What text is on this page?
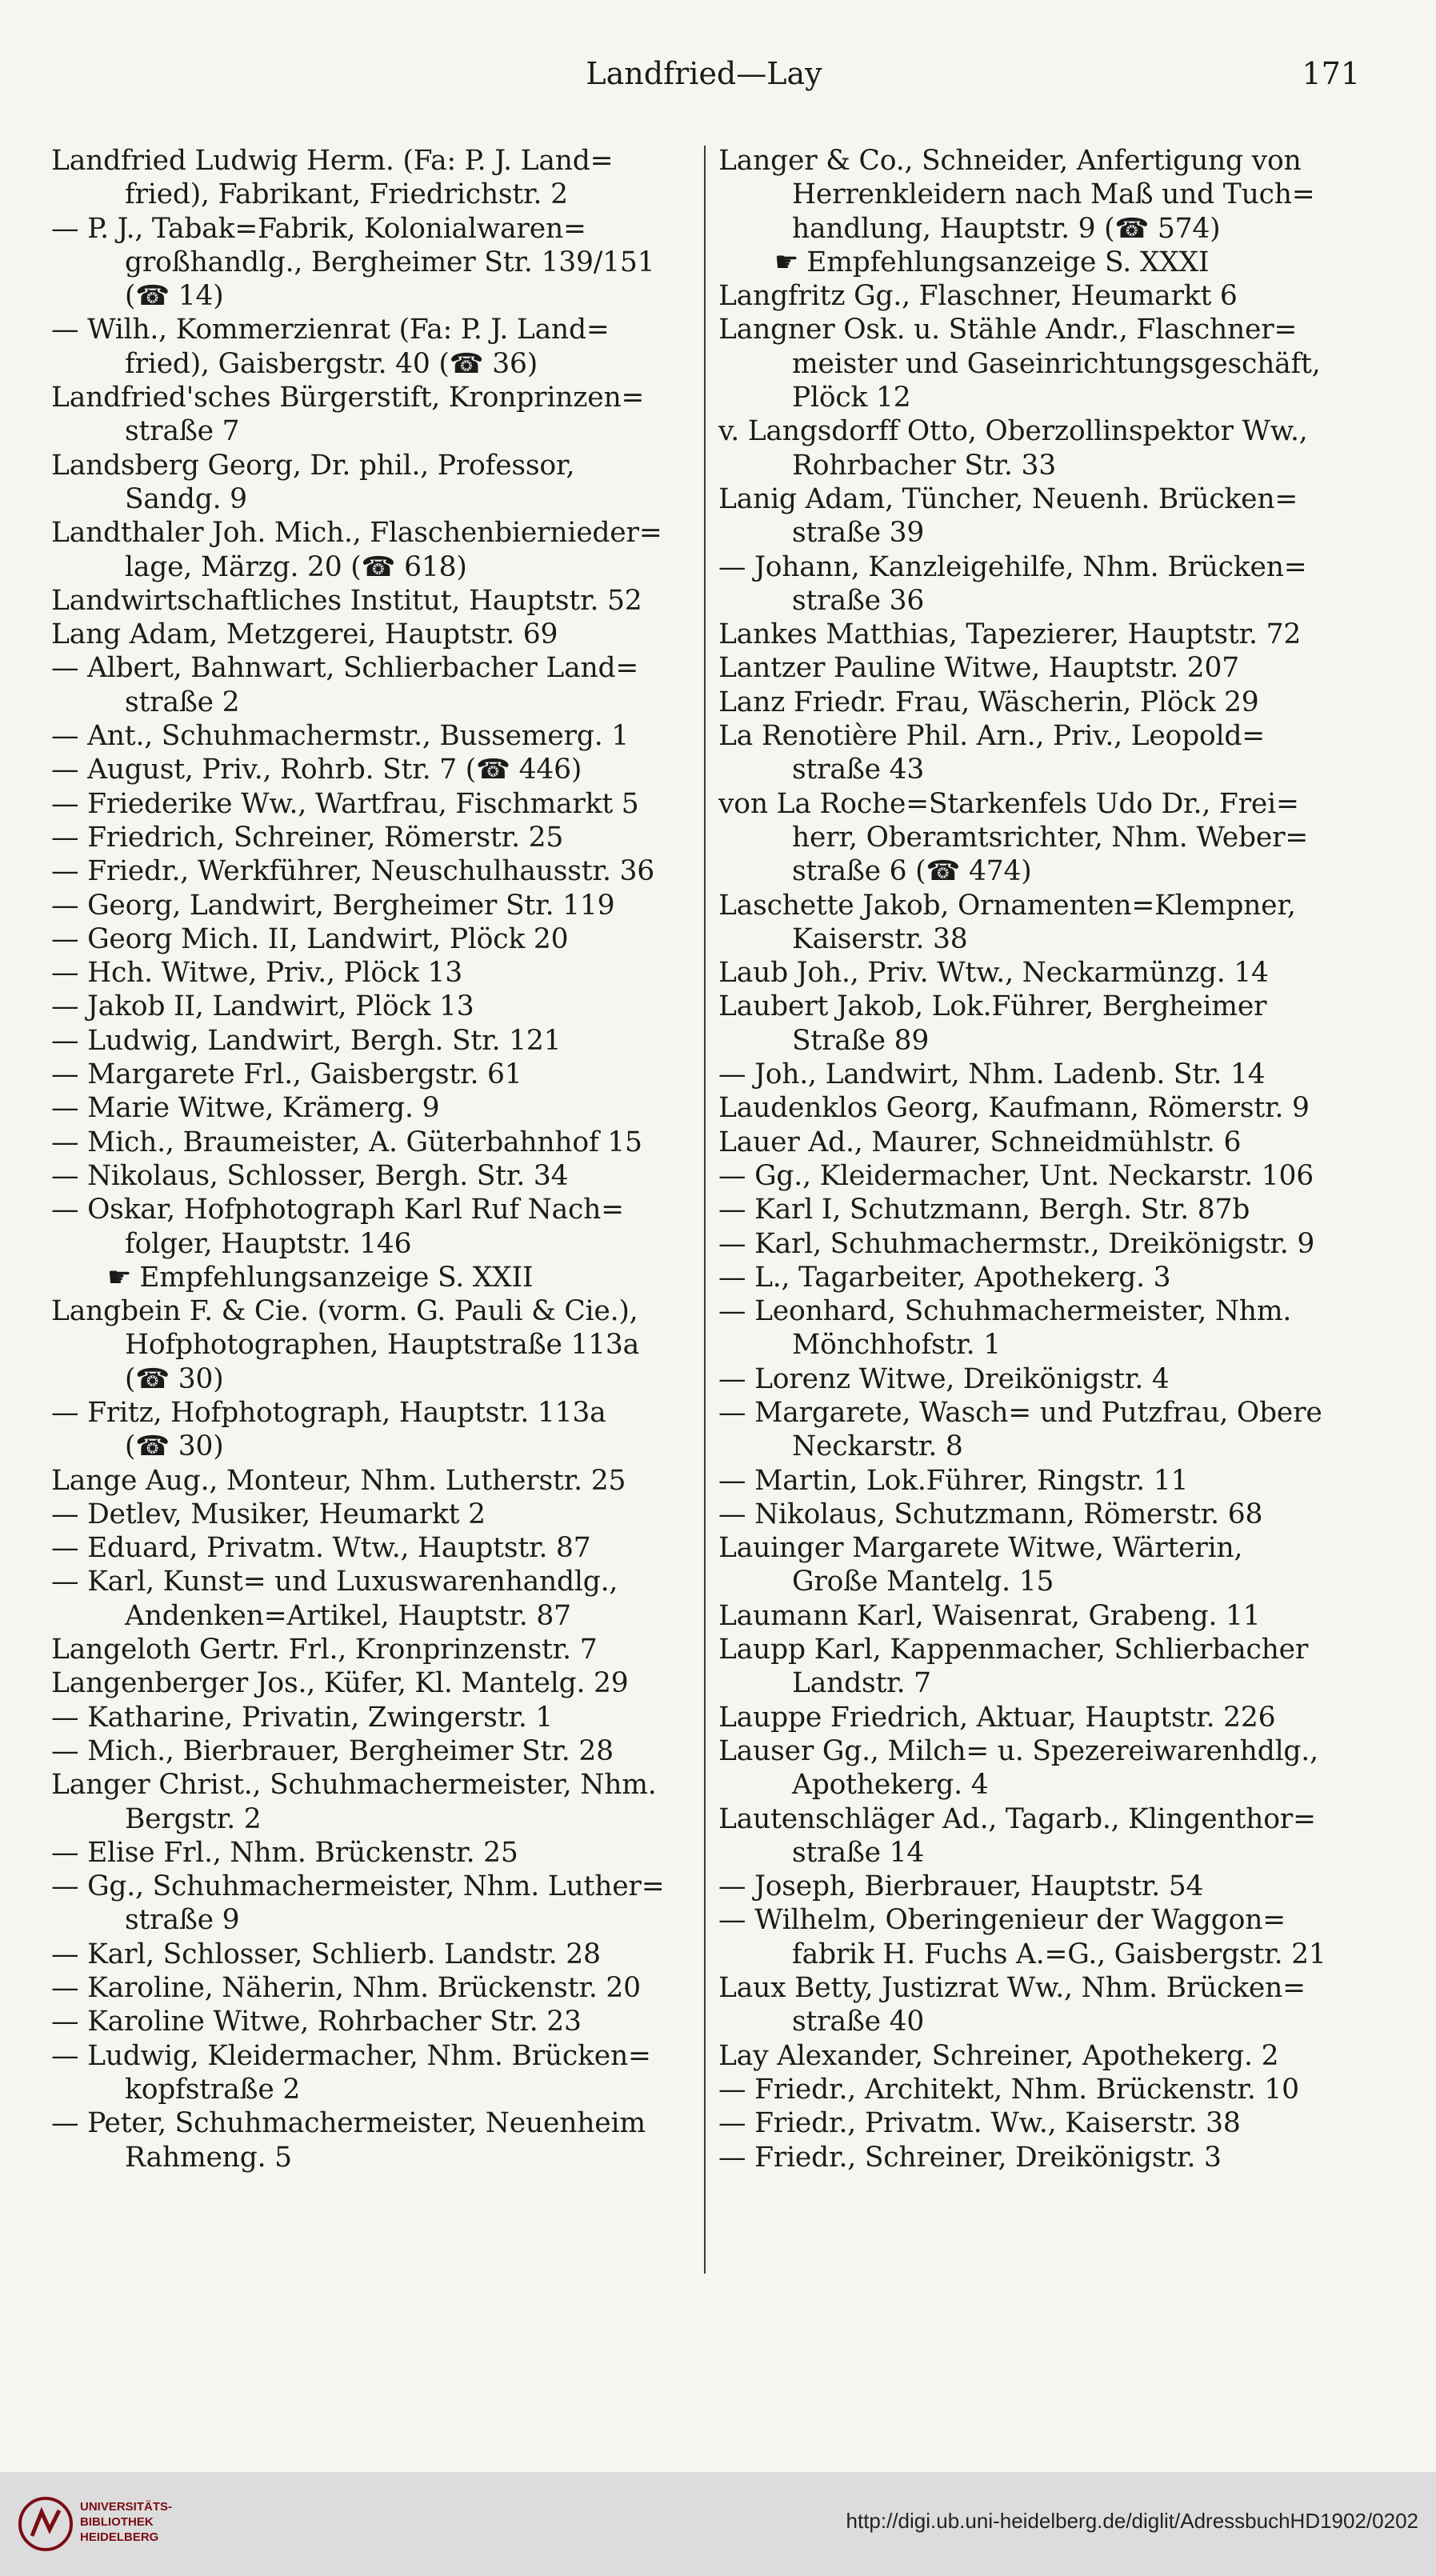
Landfried—Lay	171
Landfried Ludwig Herm. (Fa: P. J. Land=
fried), Fabrikant, Friedrichstr. 2
— P. J., Tabak=Fabrik, Kolonialwaren=
großhandlg., Bergheimer Str. 139/151
(☎ 14)
— Wilh., Kommerzienrat (Fa: P. J. Land=
fried), Gaisbergstr. 40 (☎ 36)
Landfried'sches Bürgerstift, Kronprinzen=
straße 7
Landsberg Georg, Dr. phil., Professor,
Sandg. 9
Landthaler Joh. Mich., Flaschenbiernieder=
lage, Märzg. 20 (☎ 618)
Landwirtschaftliches Institut, Hauptstr. 52
Lang Adam, Metzgerei, Hauptstr. 69
— Albert, Bahnwart, Schlierbacher Land=
straße 2
— Ant., Schuhmachermstr., Bussemerg. 1
— August, Priv., Rohrb. Str. 7 (☎ 446)
— Friederike Ww., Wartfrau, Fischmarkt 5
— Friedrich, Schreiner, Römerstr. 25
— Friedr., Werkführer, Neuschulhausstr. 36
— Georg, Landwirt, Bergheimer Str. 119
— Georg Mich. II, Landwirt, Plöck 20
— Hch. Witwe, Priv., Plöck 13
— Jakob II, Landwirt, Plöck 13
— Ludwig, Landwirt, Bergh. Str. 121
— Margarete Frl., Gaisbergstr. 61
— Marie Witwe, Krämerg. 9
— Mich., Braumeister, A. Güterbahnhof 15
— Nikolaus, Schlosser, Bergh. Str. 34
— Oskar, Hofphotograph Karl Ruf Nach=
folger, Hauptstr. 146
☛ Empfehlungsanzeige S. XXII
Langbein F. & Cie. (vorm. G. Pauli & Cie.),
Hofphotographen, Hauptstraße 113a
(☎ 30)
— Fritz, Hofphotograph, Hauptstr. 113a
(☎ 30)
Lange Aug., Monteur, Nhm. Lutherstr. 25
— Detlev, Musiker, Heumarkt 2
— Eduard, Privatm. Wtw., Hauptstr. 87
— Karl, Kunst= und Luxuswarenhandlg.,
Andenken=Artikel, Hauptstr. 87
Langeloth Gertr. Frl., Kronprinzenstr. 7
Langenberger Jos., Küfer, Kl. Mantelg. 29
— Katharine, Privatin, Zwingerstr. 1
— Mich., Bierbrauer, Bergheimer Str. 28
Langer Christ., Schuhmachermeister, Nhm.
Bergstr. 2
— Elise Frl., Nhm. Brückenstr. 25
— Gg., Schuhmachermeister, Nhm. Luther=
straße 9
— Karl, Schlosser, Schlierb. Landstr. 28
— Karoline, Näherin, Nhm. Brückenstr. 20
— Karoline Witwe, Rohrbacher Str. 23
— Ludwig, Kleidermacher, Nhm. Brücken=
kopfstraße 2
— Peter, Schuhmachermeister, Neuenheim
Rahmeng. 5
Langer & Co., Schneider, Anfertigung von
Herrenkleidern nach Maß und Tuch=
handlung, Hauptstr. 9 (☎ 574)
☛ Empfehlungsanzeige S. XXXI
Langfritz Gg., Flaschner, Heumarkt 6
Langner Osk. u. Stähle Andr., Flaschner=
meister und Gaseinrichtungsgeschäft,
Plöck 12
v. Langsdorff Otto, Oberzollinspektor Ww.,
Rohrbacher Str. 33
Lanig Adam, Tüncher, Neuenh. Brücken=
straße 39
— Johann, Kanzleigehilfe, Nhm. Brücken=
straße 36
Lankes Matthias, Tapezierer, Hauptstr. 72
Lantzer Pauline Witwe, Hauptstr. 207
Lanz Friedr. Frau, Wäscherin, Plöck 29
La Renotière Phil. Arn., Priv., Leopold=
straße 43
von La Roche=Starkenfels Udo Dr., Frei=
herr, Oberamtsrichter, Nhm. Weber=
straße 6 (☎ 474)
Laschette Jakob, Ornamenten=Klempner,
Kaiserstr. 38
Laub Joh., Priv. Wtw., Neckarmünzg. 14
Laubert Jakob, Lok.Führer, Bergheimer
Straße 89
— Joh., Landwirt, Nhm. Ladenb. Str. 14
Laudenklos Georg, Kaufmann, Römerstr. 9
Lauer Ad., Maurer, Schneidmühlstr. 6
— Gg., Kleidermacher, Unt. Neckarstr. 106
— Karl I, Schutzmann, Bergh. Str. 87b
— Karl, Schuhmachermstr., Dreikönigstr. 9
— L., Tagarbeiter, Apothekerg. 3
— Leonhard, Schuhmachermeister, Nhm.
Mönchhofstr. 1
— Lorenz Witwe, Dreikönigstr. 4
— Margarete, Wasch= und Putzfrau, Obere
Neckarstr. 8
— Martin, Lok.Führer, Ringstr. 11
— Nikolaus, Schutzmann, Römerstr. 68
Lauinger Margarete Witwe, Wärterin,
Große Mantelg. 15
Laumann Karl, Waisenrat, Grabeng. 11
Laupp Karl, Kappenmacher, Schlierbacher
Landstr. 7
Lauppe Friedrich, Aktuar, Hauptstr. 226
Lauser Gg., Milch= u. Spezereiwarenhdlg.,
Apothekerg. 4
Lautenschläger Ad., Tagarb., Klingenthor=
straße 14
— Joseph, Bierbrauer, Hauptstr. 54
— Wilhelm, Oberingenieur der Waggon=
fabrik H. Fuchs A.=G., Gaisbergstr. 21
Laux Betty, Justizrat Ww., Nhm. Brücken=
straße 40
Lay Alexander, Schreiner, Apothekerg. 2
— Friedr., Architekt, Nhm. Brückenstr. 10
— Friedr., Privatm. Ww., Kaiserstr. 38
— Friedr., Schreiner, Dreikönigstr. 3
UNIVERSITÄTS-
BIBLIOTHEK
HEIDELBERG
http://digi.ub.uni-heidelberg.de/diglit/AdressbuchHD1902/0202
